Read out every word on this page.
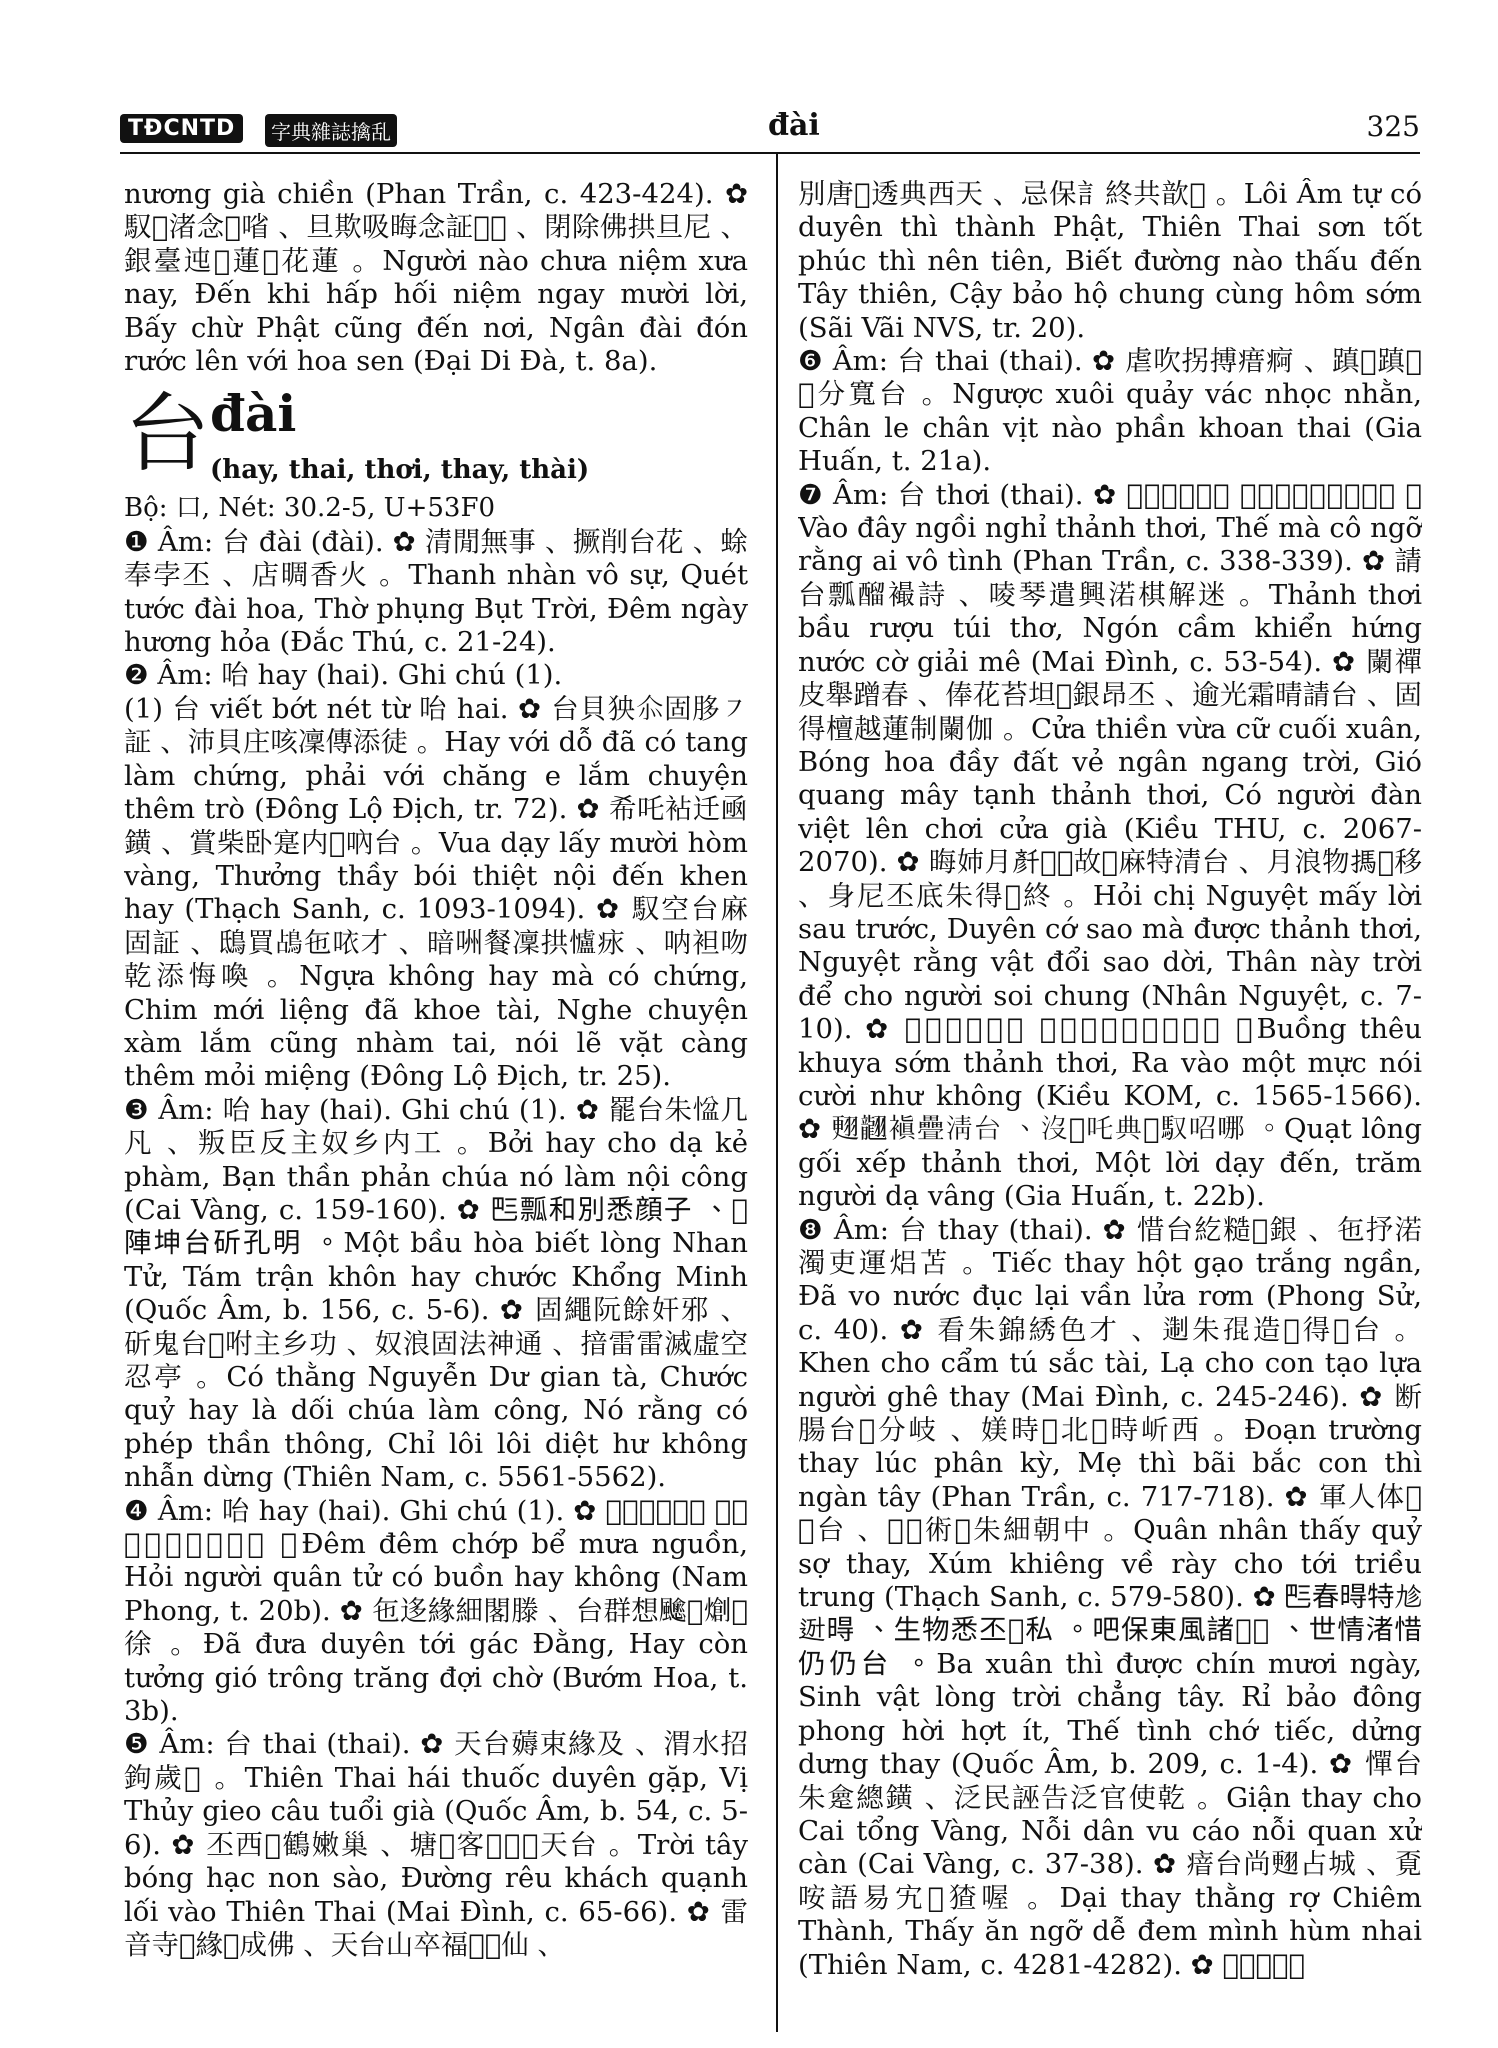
TĐCNTD	字典雜誌擒乱	đài	325

nương già chiền (Phan Trần, c. 423-424). ✿ 馭𢂎渚念𢷀㗂 、旦欺吸晦念証𨑗𠻀 、閉除佛拱旦尼 、銀臺迍𨔈蓮𣴓花蓮 。Người nào chưa niệm xưa nay, Đến khi hấp hối niệm ngay mười lời, Bấy chừ Phật cũng đến nơi, Ngân đài đón rước lên với hoa sen (Đại Di Đà, t. 8a).

台 đài
(hay, thai, thơi, thay, thài)

Bộ: 口, Nét: 30.2-5, U+53F0

❶ Âm: 台 đài (đài). ✿ 清閒無事 、撅削台花 、蜍奉孛丕 、店晭香火 。Thanh nhàn vô sự, Quét tước đài hoa, Thờ phụng Bụt Trời, Đêm ngày hương hỏa (Đắc Thú, c. 21-24).

❷ Âm: 咍 hay (hai). Ghi chú (1).

(1) 台 viết bớt nét từ 咍 hai. ✿ 台貝㹧𠇍固䏧㇇証 、沛貝庄咳凜傳添徒 。Hay với dỗ đã có tang làm chứng, phải với chăng e lắm chuyện thêm trò (Đông Lộ Địch, tr. 72). ✿ 希吒袩迁凾鐄 、賞柴卧寔内𠌨吶台 。Vua dạy lấy mười hòm vàng, Thưởng thầy bói thiệt nội đến khen hay (Thạch Sanh, c. 1093-1094). ✿ 馭空台麻固証 、鴟買𪀄㐌𠲖才 、暗㖄餐凜拱𢥈㽷 、呐袒吻乾添悔喚 。Ngựa không hay mà có chứng, Chim mới liệng đã khoe tài, Nghe chuyện xàm lắm cũng nhàm tai, nói lẽ vặt càng thêm mỏi miệng (Đông Lộ Địch, tr. 25).

❸ Âm: 咍 hay (hai). Ghi chú (1). ✿ 罷台朱𢞂几凡 、叛臣反主奴乡内工 。Bởi hay cho dạ kẻ phàm, Bạn thần phản chúa nó làm nội công (Cai Vàng, c. 159-160). ✿ 𠀧瓢和別悉顔子 、𠸗陣坤台斫孔明 。Một bầu hòa biết lòng Nhan Tử, Tám trận khôn hay chước Khổng Minh (Quốc Âm, b. 156, c. 5-6). ✿ 固繩阮餘奸邪 、斫鬼台𢀭咐主乡功 、奴浪固法神通 、揞雷雷滅虛空忍亭 。Có thằng Nguyễn Dư gian tà, Chước quỷ hay là dối chúa làm công, Nó rằng có phép thần thông, Chỉ lôi lôi diệt hư không nhẫn dừng (Thiên Nam, c. 5561-5562).

❹ Âm: 咍 hay (hai). Ghi chú (1). ✿ 𣋁𣋁𩅹㴋湄源 、唉馭君子固悋台空 。Đêm đêm chớp bể mưa nguồn, Hỏi người quân tử có buồn hay không (Nam Phong, t. 20b). ✿ 㐌迻緣細閣滕 、台群想𩙍𩄲𤏬𥪝徐 。Đã đưa duyên tới gác Đằng, Hay còn tưởng gió trông trăng đợi chờ (Bướm Hoa, t. 3b).

❺ Âm: 台 thai (thai). ✿ 天台薅束緣及 、渭水招鉤歲𦓅 。Thiên Thai hái thuốc duyên gặp, Vị Thủy gieo câu tuổi già (Quốc Âm, b. 54, c. 5-6). ✿ 丕西𦎡鶴嫩巢 、塘𦹵客𡗉𣴓𠫾天台 。Trời tây bóng hạc non sào, Đường rêu khách quạnh lối vào Thiên Thai (Mai Đình, c. 65-66). ✿ 雷音寺𡊲緣𢀭成佛 、天台山卒福𢀭𥉫仙 、

別唐𢂎透典西天 、忌保訁終共歆𣋚 。Lôi Âm tự có duyên thì thành Phật, Thiên Thai sơn tốt phúc thì nên tiên, Biết đường nào thấu đến Tây thiên, Cậy bảo hộ chung cùng hôm sớm (Sãi Vãi NVS, tr. 20).

❻ Âm: 台 thai (thai). ✿ 虐吹拐搏瘄痾 、蹎𨇜蹎𨇔𢂎分寬台 。Ngược xuôi quảy vác nhọc nhằn, Chân le chân vịt nào phần khoan thai (Gia Huấn, t. 21a).

❼ Âm: 台 thơi (thai). ✿ 𠁀低𡎝𢘾清台 、㖝麻姑語浪埃無情 。Vào đây ngồi nghỉ thảnh thơi, Thế mà cô ngỡ rằng ai vô tình (Phan Trần, c. 338-339). ✿ 請台瓢𨢇襊詩 、㖫琴遣興渃棋解迷 。Thảnh thơi bầu rượu túi thơ, Ngón cầm khiển hứng nước cờ giải mê (Mai Đình, c. 53-54). ✿ 闌禪皮舉蹭春 、俸花苔坦𡫡銀昂丕 、逾光霜晴請台 、固得檀越蓮制闌伽 。Cửa thiền vừa cữ cuối xuân, Bóng hoa đầy đất vẻ ngân ngang trời, Gió quang mây tạnh thảnh thơi, Có người đàn việt lên chơi cửa già (Kiều THU, c. 2067-2070). ✿ 晦姉月𠦳𠰳𢚸故𡲤麻特清台 、月浪物𢲫𢼂移 、身尼丕底朱得𤏬終 。Hỏi chị Nguyệt mấy lời sau trước, Duyên cớ sao mà được thảnh thơi, Nguyệt rằng vật đổi sao dời, Thân này trời để cho người soi chung (Nhân Nguyệt, c. 7-10). ✿ 𨇉𦀊𩯀𩅹請台 、𠫾飲汶墨吶𠻀如空 。Buồng thêu khuya sớm thảnh thơi, Ra vào một mực nói cười như không (Kiều KOM, c. 1565-1566). ✿ 𦑃𦒮𧜖疊清台 、沒𠻀吒典𡗉馭𠰉哪 。Quạt lông gối xếp thảnh thơi, Một lời dạy đến, trăm người dạ vâng (Gia Huấn, t. 22b).

❽ Âm: 台 thay (thai). ✿ 惜台紇糙𥾽銀 、㐌抒渃濁吏運焒苫 。Tiếc thay hột gạo trắng ngần, Đã vo nước đục lại vần lửa rơm (Phong Sử, c. 40). ✿ 看朱錦綉色才 、𨔈朱𡥵造𢵰得𢜝台 。Khen cho cẩm tú sắc tài, Lạ cho con tạo lựa người ghê thay (Mai Đình, c. 245-246). ✿ 断腸台𣇞分岐 、媄時𠄩北𡥵時岓西 。Đoạn trường thay lúc phân kỳ, Mẹ thì bãi bắc con thì ngàn tây (Phan Trần, c. 717-718). ✿ 軍人体𠶀𢜝台 、𥱬𢜏術𤈜朱細朝中 。Quân nhân thấy quỷ sợ thay, Xúm khiêng về rày cho tới triều trung (Thạch Sanh, c. 579-580). ✿ 𠀧春𣈜特𠃩𨒒𣈜 、生物悉丕𢹣私 。吧保東風諸𢬣𠃣 、世情渚惜仍仍台 。Ba xuân thì được chín mươi ngày, Sinh vật lòng trời chẳng tây. Rỉ bảo đông phong hời hợt ít, Thế tình chớ tiếc, dửng dưng thay (Quốc Âm, b. 209, c. 1-4). ✿ 憚台朱𠍺總鐄 、泛民誣告泛官使乾 。Giận thay cho Cai tổng Vàng, Nỗi dân vu cáo nỗi quan xử càn (Cai Vàng, c. 37-38). ✿ 瘖台尚𦑃占城 、覔咹語易宄𠃅猹喔 。Dại thay thằng rợ Chiêm Thành, Thấy ăn ngỡ dễ đem mình hùm nhai (Thiên Nam, c. 4281-4282). ✿ 𨖲番台对山
